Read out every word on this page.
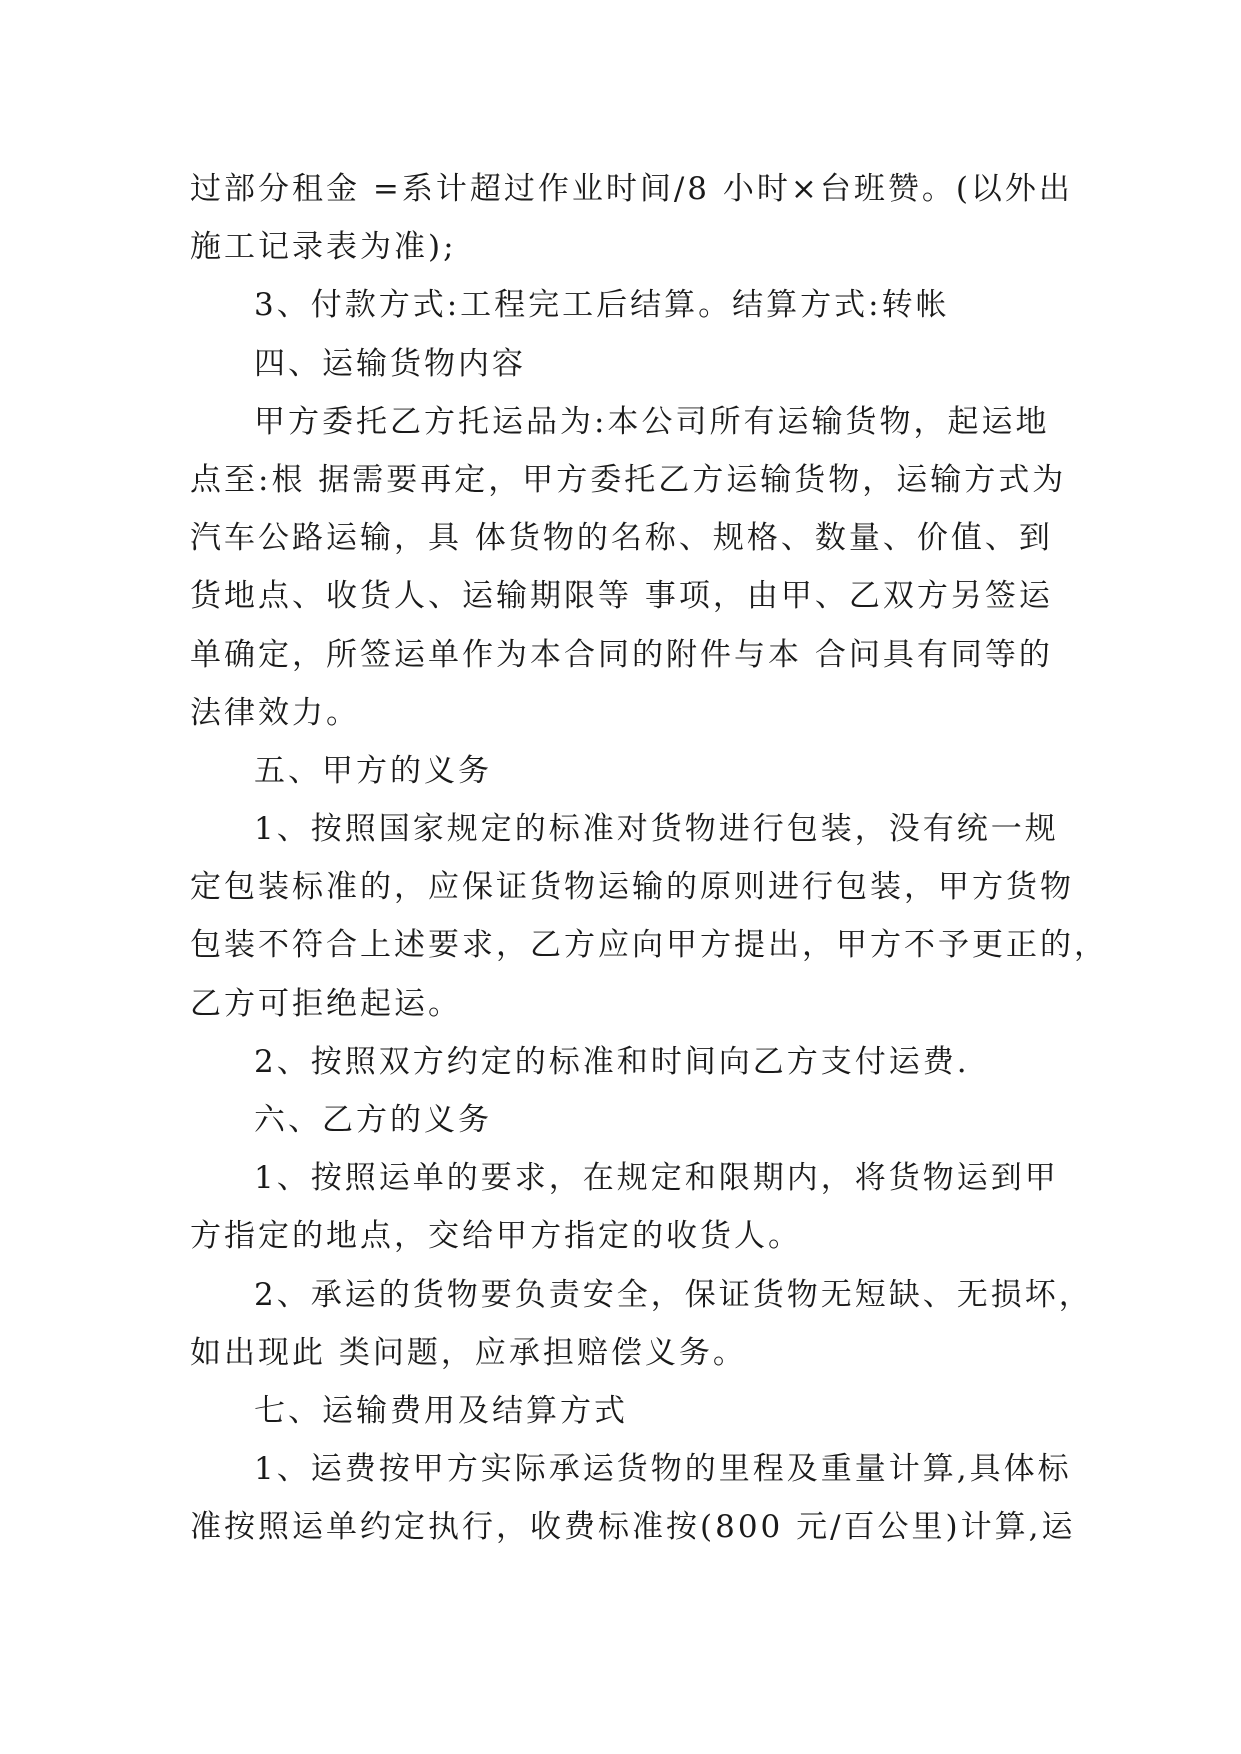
过部分租金 =系计超过作业时间/8 小时×台班赞。(以外出
施工记录表为准);
3、付款方式:工程完工后结算。结算方式:转帐
四、运输货物内容
甲方委托乙方托运品为:本公司所有运输货物，起运地
点至:根 据需要再定，甲方委托乙方运输货物，运输方式为
汽车公路运输，具 体货物的名称、规格、数量、价值、到
货地点、收货人、运输期限等 事项，由甲、乙双方另签运
单确定，所签运单作为本合同的附件与本 合问具有同等的
法律效力。
五、甲方的义务
1、按照国家规定的标准对货物进行包装，没有统一规
定包装标准的，应保证货物运输的原则进行包装，甲方货物
包装不符合上述要求，乙方应向甲方提出，甲方不予更正的，
乙方可拒绝起运。
2、按照双方约定的标准和时间向乙方支付运费.
六、乙方的义务
1、按照运单的要求，在规定和限期内，将货物运到甲
方指定的地点，交给甲方指定的收货人。
2、承运的货物要负责安全，保证货物无短缺、无损坏，
如出现此 类问题，应承担赔偿义务。
七、运输费用及结算方式
1、运费按甲方实际承运货物的里程及重量计算,具体标
准按照运单约定执行，收费标准按(800 元/百公里)计算,运
